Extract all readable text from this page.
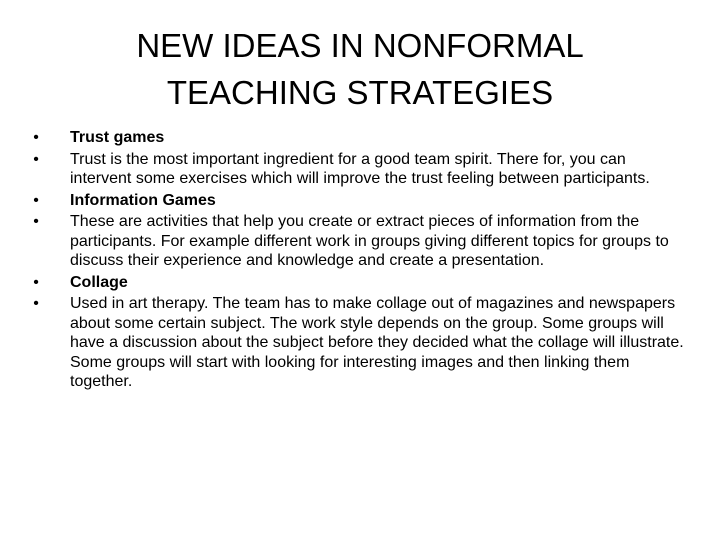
NEW IDEAS IN NONFORMAL
TEACHING STRATEGIES
• Trust games
• Trust is the most important ingredient for a good team spirit. There for, you can intervent some exercises which will improve the trust feeling between participants.
• Information Games
• These are activities that help you create or extract pieces of information from the participants. For example different work in groups giving different topics for groups to discuss their experience and knowledge and create a presentation.
• Collage
• Used in art therapy. The team has to make collage out of magazines and newspapers about some certain subject. The work style depends on the group. Some groups will have a discussion about the subject before they decided what the collage will illustrate. Some groups will start with looking for interesting images and then linking them together.
